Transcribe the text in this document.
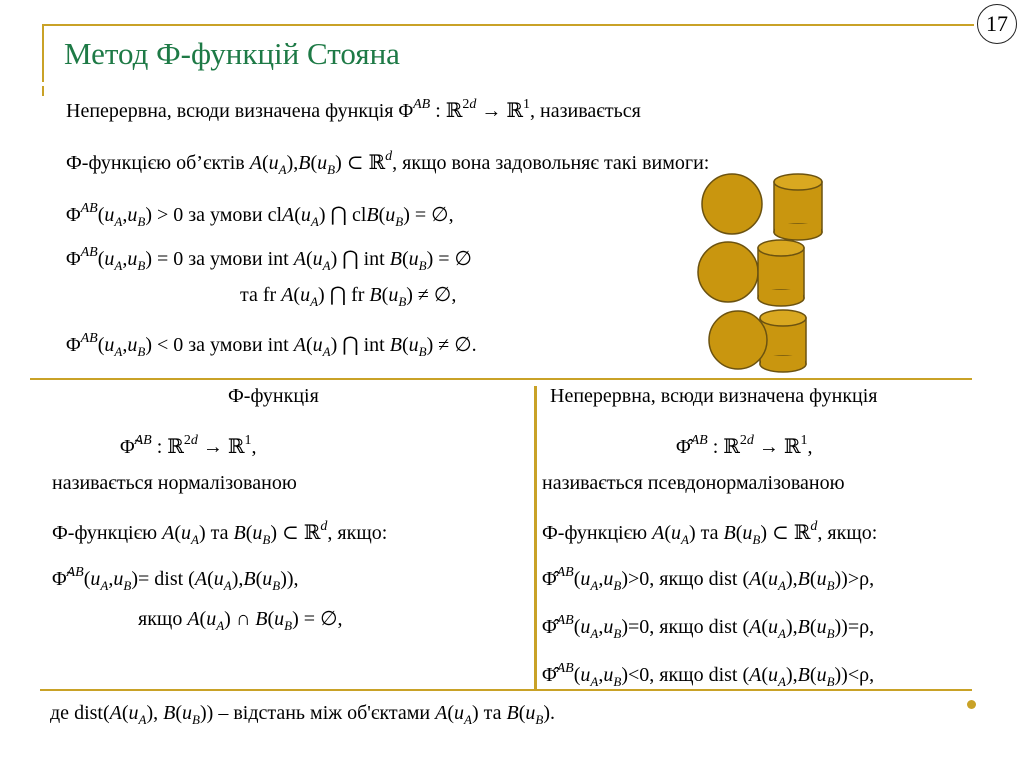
17
Метод Ф-функцій Стояна
Неперервна, всюди визначена функція $\Phi^{AB}$ : ℝ$^{2d}$ → ℝ$^1$, називається
Ф-функцією об’єктів $A(u_A),B(u_B)$ ⊂ ℝ$^d$, якщо вона задовольняє такі вимоги:
$\Phi^{AB}(u_A,u_B) > 0$ за умови $clA(u_A)$ ⋂ $clB(u_B)$ = ∅,
$\Phi^{AB}(u_A,u_B) = 0$ за умови int $A(u_A)$ ⋂ int $B(u_B)$ = ∅
та fr $A(u_A)$ ⋂ fr $B(u_B)$ ≠ ∅,
$\Phi^{AB}(u_A,u_B) < 0$ за умови int $A(u_A)$ ⋂ int $B(u_B)$ ≠ ∅.
Ф-функція
Φ̃$^{AB}$ : ℝ$^{2d}$ → ℝ$^1$,
називається нормалізованою
Ф-функцією $A(u_A)$ та $B(u_B)$ ⊂ ℝ$^d$, якщо:
$\Phĩ^{AB}(u_A,u_B)=$ dist $(A(u_A),B(u_B))$,
якщо $A(u_A)$ ∩ $B(u_B)$ = ∅,
Неперервна, всюди визначена функція
Φ̂$^{AB}$ : ℝ$^{2d}$ → ℝ$^1$,
називається псевдонормалізованою
Ф-функцією $A(u_A)$ та $B(u_B)$ ⊂ ℝ$^d$, якщо:
$\Phî^{AB}(u_A,u_B)>0$, якщо dist $(A(u_A),B(u_B))>\rho$,
$\Phî^{AB}(u_A,u_B)=0$, якщо dist $(A(u_A),B(u_B))=\rho$,
$\Phî^{AB}(u_A,u_B)<0$, якщо dist $(A(u_A),B(u_B))<\rho$,
де $dist(A(u_A)$, $B(u_B)$) – відстань між об'єктами $A(u_A)$ та $B(u_B)$.
